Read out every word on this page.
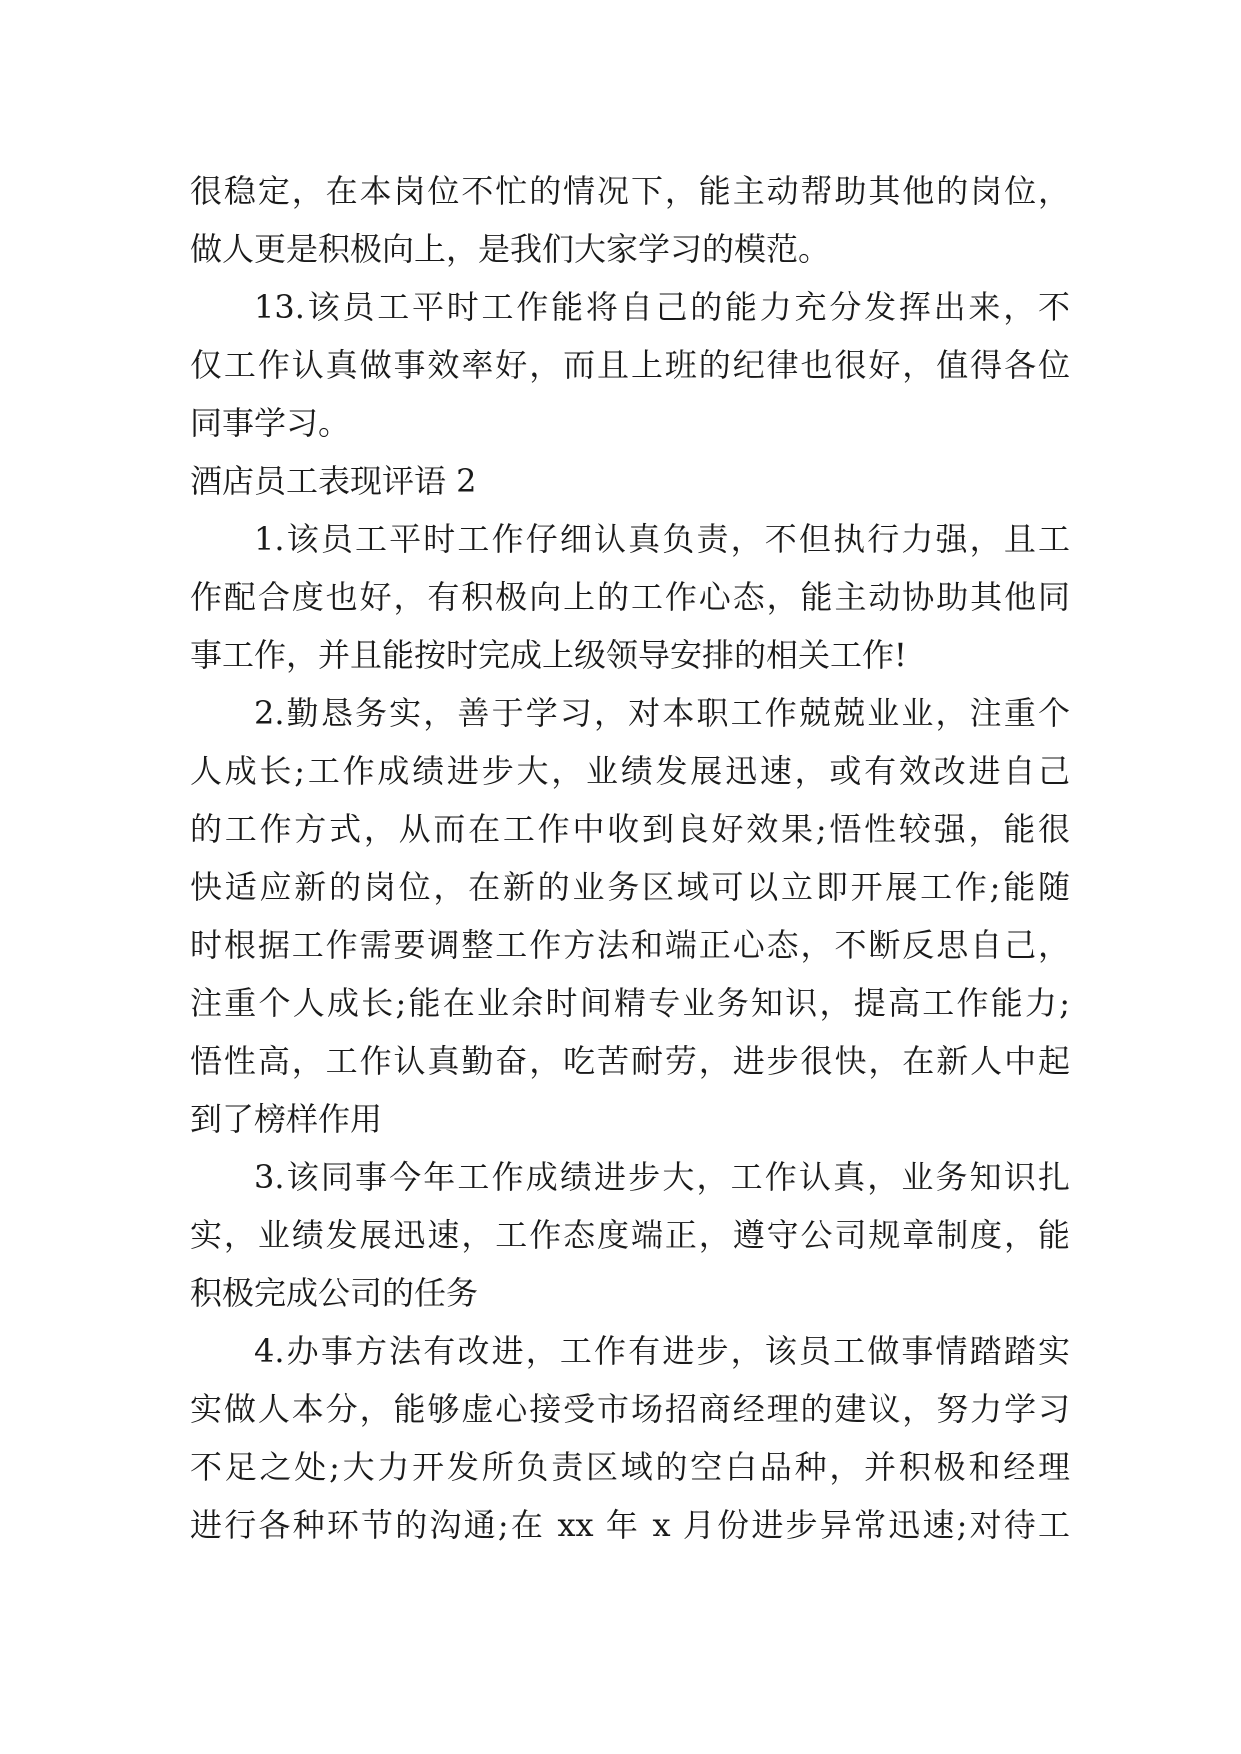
很稳定，在本岗位不忙的情况下，能主动帮助其他的岗位，
做人更是积极向上，是我们大家学习的模范。
13.该员工平时工作能将自己的能力充分发挥出来，不
仅工作认真做事效率好，而且上班的纪律也很好，值得各位
同事学习。
酒店员工表现评语 2
1.该员工平时工作仔细认真负责，不但执行力强，且工
作配合度也好，有积极向上的工作心态，能主动协助其他同
事工作，并且能按时完成上级领导安排的相关工作!
2.勤恳务实，善于学习，对本职工作兢兢业业，注重个
人成长;工作成绩进步大，业绩发展迅速，或有效改进自己
的工作方式，从而在工作中收到良好效果;悟性较强，能很
快适应新的岗位，在新的业务区域可以立即开展工作;能随
时根据工作需要调整工作方法和端正心态，不断反思自己，
注重个人成长;能在业余时间精专业务知识，提高工作能力;
悟性高，工作认真勤奋，吃苦耐劳，进步很快，在新人中起
到了榜样作用
3.该同事今年工作成绩进步大，工作认真，业务知识扎
实，业绩发展迅速，工作态度端正，遵守公司规章制度，能
积极完成公司的任务
4.办事方法有改进，工作有进步，该员工做事情踏踏实
实做人本分，能够虚心接受市场招商经理的建议，努力学习
不足之处;大力开发所负责区域的空白品种，并积极和经理
进行各种环节的沟通;在 xx 年 x 月份进步异常迅速;对待工
